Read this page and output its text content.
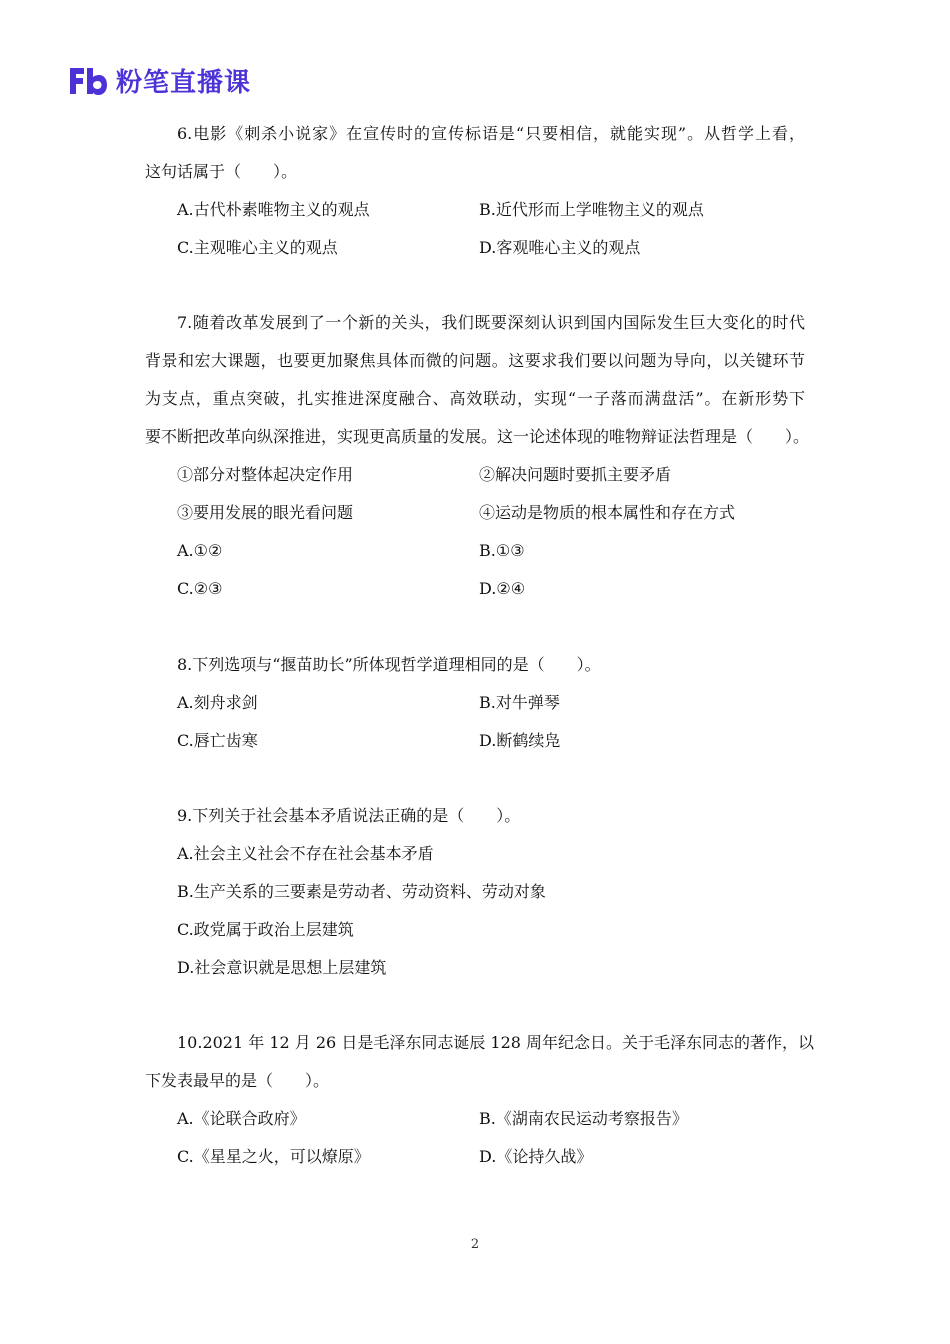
粉笔直播课
6.电影《刺杀小说家》在宣传时的宣传标语是“只要相信，就能实现”。从哲学上看，
这句话属于（　　）。
A.古代朴素唯物主义的观点	B.近代形而上学唯物主义的观点
C.主观唯心主义的观点	D.客观唯心主义的观点
7.随着改革发展到了一个新的关头，我们既要深刻认识到国内国际发生巨大变化的时代
背景和宏大课题，也要更加聚焦具体而微的问题。这要求我们要以问题为导向，以关键环节
为支点，重点突破，扎实推进深度融合、高效联动，实现“一子落而满盘活”。在新形势下
要不断把改革向纵深推进，实现更高质量的发展。这一论述体现的唯物辩证法哲理是（　　）。
①部分对整体起决定作用	②解决问题时要抓主要矛盾
③要用发展的眼光看问题	④运动是物质的根本属性和存在方式
A.①②	B.①③
C.②③	D.②④
8.下列选项与“揠苗助长”所体现哲学道理相同的是（　　）。
A.刻舟求剑	B.对牛弹琴
C.唇亡齿寒	D.断鹤续凫
9.下列关于社会基本矛盾说法正确的是（　　）。
A.社会主义社会不存在社会基本矛盾
B.生产关系的三要素是劳动者、劳动资料、劳动对象
C.政党属于政治上层建筑
D.社会意识就是思想上层建筑
10.2021 年 12 月 26 日是毛泽东同志诞辰 128 周年纪念日。关于毛泽东同志的著作，以
下发表最早的是（　　）。
A.《论联合政府》	B.《湖南农民运动考察报告》
C.《星星之火，可以燎原》	D.《论持久战》
2
